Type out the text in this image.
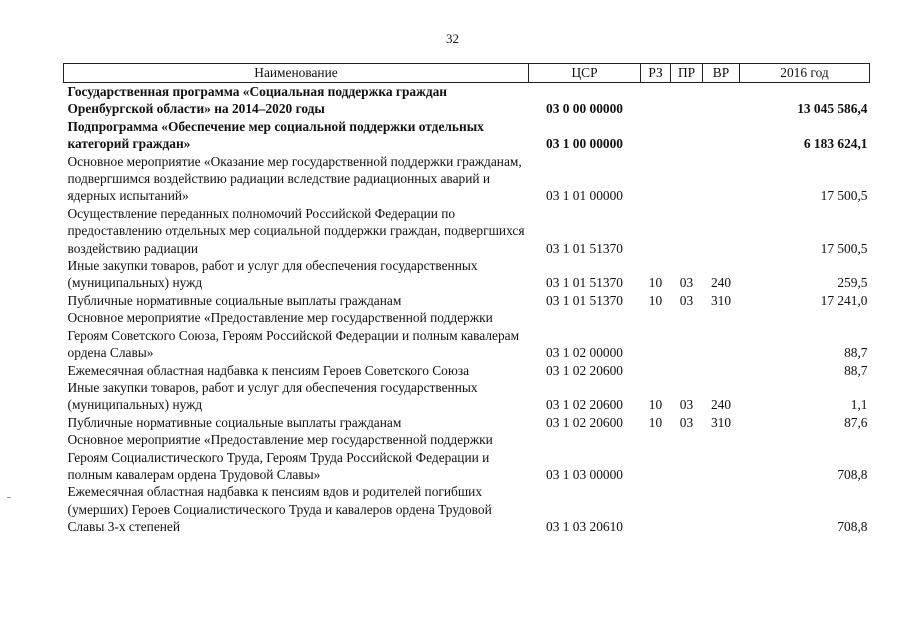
32
Наименование	ЦСР	РЗ	ПР	ВР	2016 год
Государственная программа «Социальная поддержка граждан Оренбургской области» на 2014–2020 годы	03 0 00 00000				13 045 586,4
Подпрограмма «Обеспечение мер социальной поддержки отдельных категорий граждан»	03 1 00 00000				6 183 624,1
Основное мероприятие «Оказание мер государственной поддержки гражданам, подвергшимся воздействию радиации вследствие радиационных аварий и ядерных испытаний»	03 1 01 00000				17 500,5
Осуществление переданных полномочий Российской Федерации по предоставлению отдельных мер социальной поддержки граждан, подвергшихся воздействию радиации	03 1 01 51370				17 500,5
Иные закупки товаров, работ и услуг для обеспечения государственных (муниципальных) нужд	03 1 01 51370	10	03	240	259,5
Публичные нормативные социальные выплаты гражданам	03 1 01 51370	10	03	310	17 241,0
Основное мероприятие «Предоставление мер государственной поддержки Героям Советского Союза, Героям Российской Федерации и полным кавалерам ордена Славы»	03 1 02 00000				88,7
Ежемесячная областная надбавка к пенсиям Героев Советского Союза	03 1 02 20600				88,7
Иные закупки товаров, работ и услуг для обеспечения государственных (муниципальных) нужд	03 1 02 20600	10	03	240	1,1
Публичные нормативные социальные выплаты гражданам	03 1 02 20600	10	03	310	87,6
Основное мероприятие «Предоставление мер государственной поддержки Героям Социалистического Труда, Героям Труда Российской Федерации и полным кавалерам ордена Трудовой Славы»	03 1 03 00000				708,8
Ежемесячная областная надбавка к пенсиям вдов и родителей погибших (умерших) Героев Социалистического Труда и кавалеров ордена Трудовой Славы 3-х степеней	03 1 03 20610				708,8
